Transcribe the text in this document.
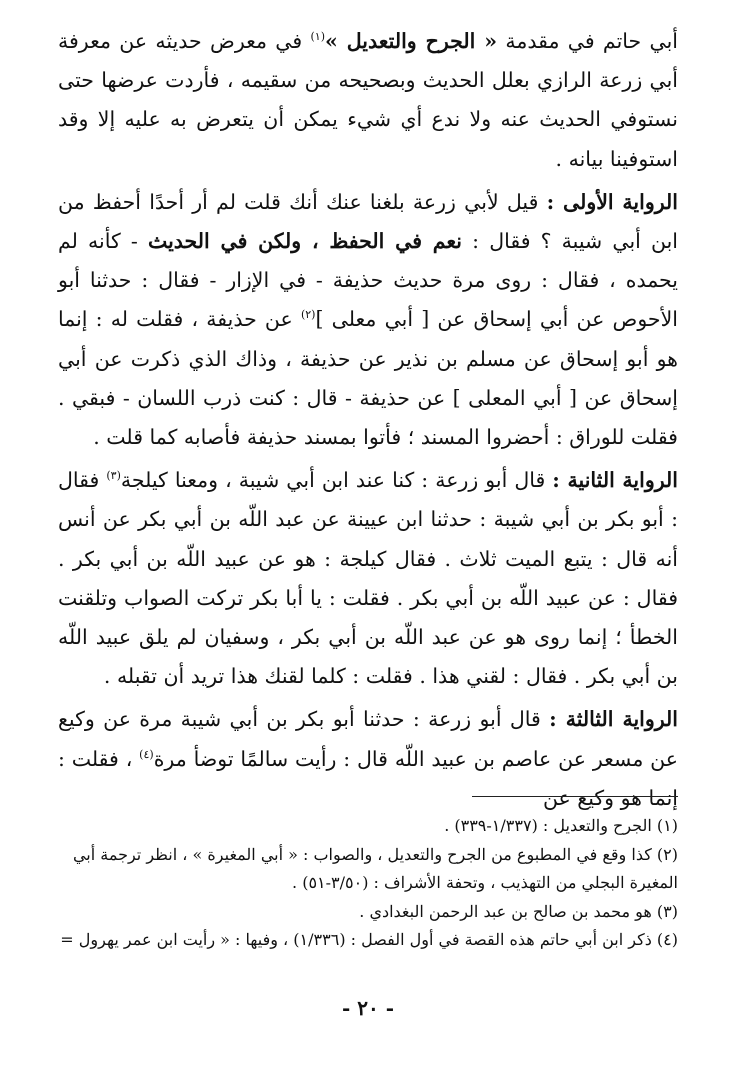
أبي حاتم في مقدمة « الجرح والتعديل »$^{(١)}$ في معرض حديثه عن معرفة أبي زرعة الرازي بعلل الحديث وبصحيحه من سقيمه ، فأردت عرضها حتى نستوفي الحديث عنه ولا ندع أي شيء يمكن أن يتعرض به عليه إلا وقد استوفينا بيانه .

الرواية الأولى : قيل لأبي زرعة بلغنا عنك أنك قلت لم أر أحدًا أحفظ من ابن أبي شيبة ؟ فقال : نعم في الحفظ ، ولكن في الحديث - كأنه لم يحمده ، فقال : روى مرة حديث حذيفة - في الإزار - فقال : حدثنا أبو الأحوص عن أبي إسحاق عن [ أبي معلى ]$^{(٢)}$ عن حذيفة ، فقلت له : إنما هو أبو إسحاق عن مسلم بن نذير عن حذيفة ، وذاك الذي ذكرت عن أبي إسحاق عن [ أبي المعلى ] عن حذيفة - قال : كنت ذرب اللسان - فبقي . فقلت للوراق : أحضروا المسند ؛ فأتوا بمسند حذيفة فأصابه كما قلت .

الرواية الثانية : قال أبو زرعة : كنا عند ابن أبي شيبة ، ومعنا كيلجة$^{(٣)}$ فقال : أبو بكر بن أبي شيبة : حدثنا ابن عيينة عن عبد اللّه بن أبي بكر عن أنس أنه قال : يتبع الميت ثلاث . فقال كيلجة : هو عن عبيد اللّه بن أبي بكر . فقال : عن عبيد اللّه بن أبي بكر . فقلت : يا أبا بكر تركت الصواب وتلقنت الخطأ ؛ إنما روى هو عن عبد اللّه بن أبي بكر ، وسفيان لم يلق عبيد اللّه بن أبي بكر . فقال : لقني هذا . فقلت : كلما لقنك هذا تريد أن تقبله .

الرواية الثالثة : قال أبو زرعة : حدثنا أبو بكر بن أبي شيبة مرة عن وكيع عن مسعر عن عاصم بن عبيد اللّه قال : رأيت سالمًا توضأ مرة$^{(٤)}$ ، فقلت : إنما هو وكيع عن

(١) الجرح والتعديل : (١/٣٣٧-٣٣٩) .

(٢) كذا وقع في المطبوع من الجرح والتعديل ، والصواب : « أبي المغيرة » ، انظر ترجمة أبي المغيرة البجلي من التهذيب ، وتحفة الأشراف : (٣/٥٠-٥١) .

(٣) هو محمد بن صالح بن عبد الرحمن البغدادي .

(٤) ذكر ابن أبي حاتم هذه القصة في أول الفصل : (١/٣٣٦) ، وفيها : « رأيت ابن عمر يهرول =

- ٢٠ -
